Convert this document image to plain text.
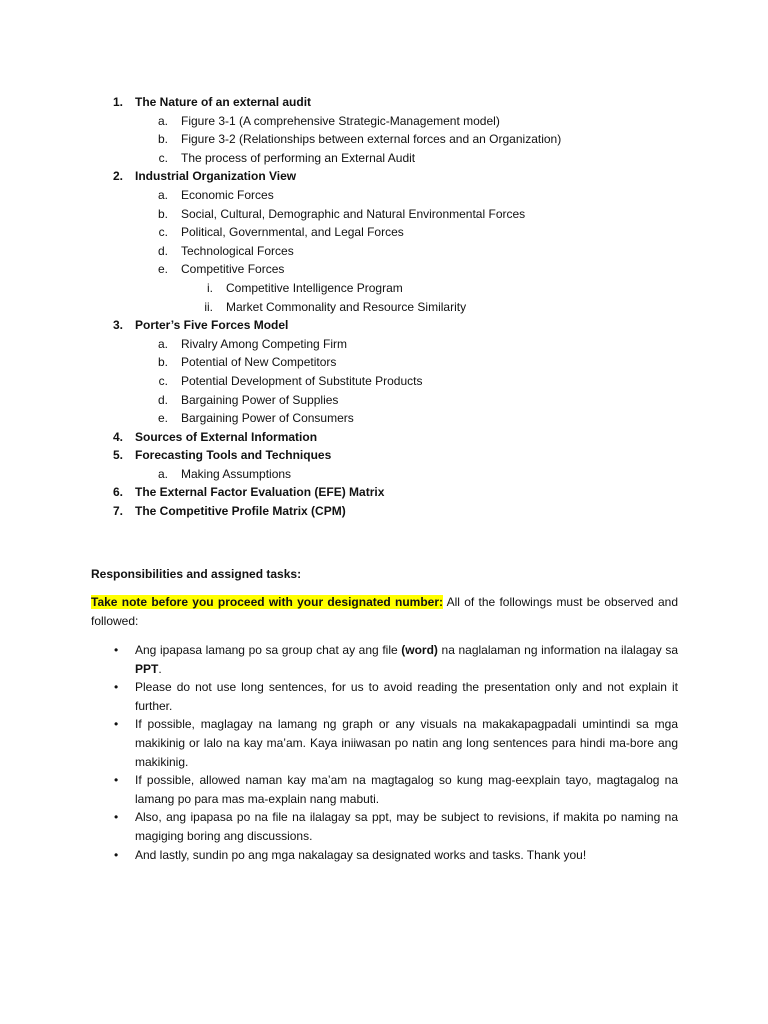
1. The Nature of an external audit
a. Figure 3-1 (A comprehensive Strategic-Management model)
b. Figure 3-2 (Relationships between external forces and an Organization)
c. The process of performing an External Audit
2. Industrial Organization View
a. Economic Forces
b. Social, Cultural, Demographic and Natural Environmental Forces
c. Political, Governmental, and Legal Forces
d. Technological Forces
e. Competitive Forces
i. Competitive Intelligence Program
ii. Market Commonality and Resource Similarity
3. Porter’s Five Forces Model
a. Rivalry Among Competing Firm
b. Potential of New Competitors
c. Potential Development of Substitute Products
d. Bargaining Power of Supplies
e. Bargaining Power of Consumers
4. Sources of External Information
5. Forecasting Tools and Techniques
a. Making Assumptions
6. The External Factor Evaluation (EFE) Matrix
7. The Competitive Profile Matrix (CPM)
Responsibilities and assigned tasks:
Take note before you proceed with your designated number: All of the followings must be observed and followed:
• Ang ipapasa lamang po sa group chat ay ang file (word) na naglalaman ng information na ilalagay sa PPT.
• Please do not use long sentences, for us to avoid reading the presentation only and not explain it further.
• If possible, maglagay na lamang ng graph or any visuals na makakapagpadali umintindi sa mga makikinig or lalo na kay ma’am. Kaya iniiwasan po natin ang long sentences para hindi ma-bore ang makikinig.
• If possible, allowed naman kay ma’am na magtagalog so kung mag-eexplain tayo, magtagalog na lamang po para mas ma-explain nang mabuti.
• Also, ang ipapasa po na file na ilalagay sa ppt, may be subject to revisions, if makita po naming na magiging boring ang discussions.
• And lastly, sundin po ang mga nakalagay sa designated works and tasks. Thank you!
